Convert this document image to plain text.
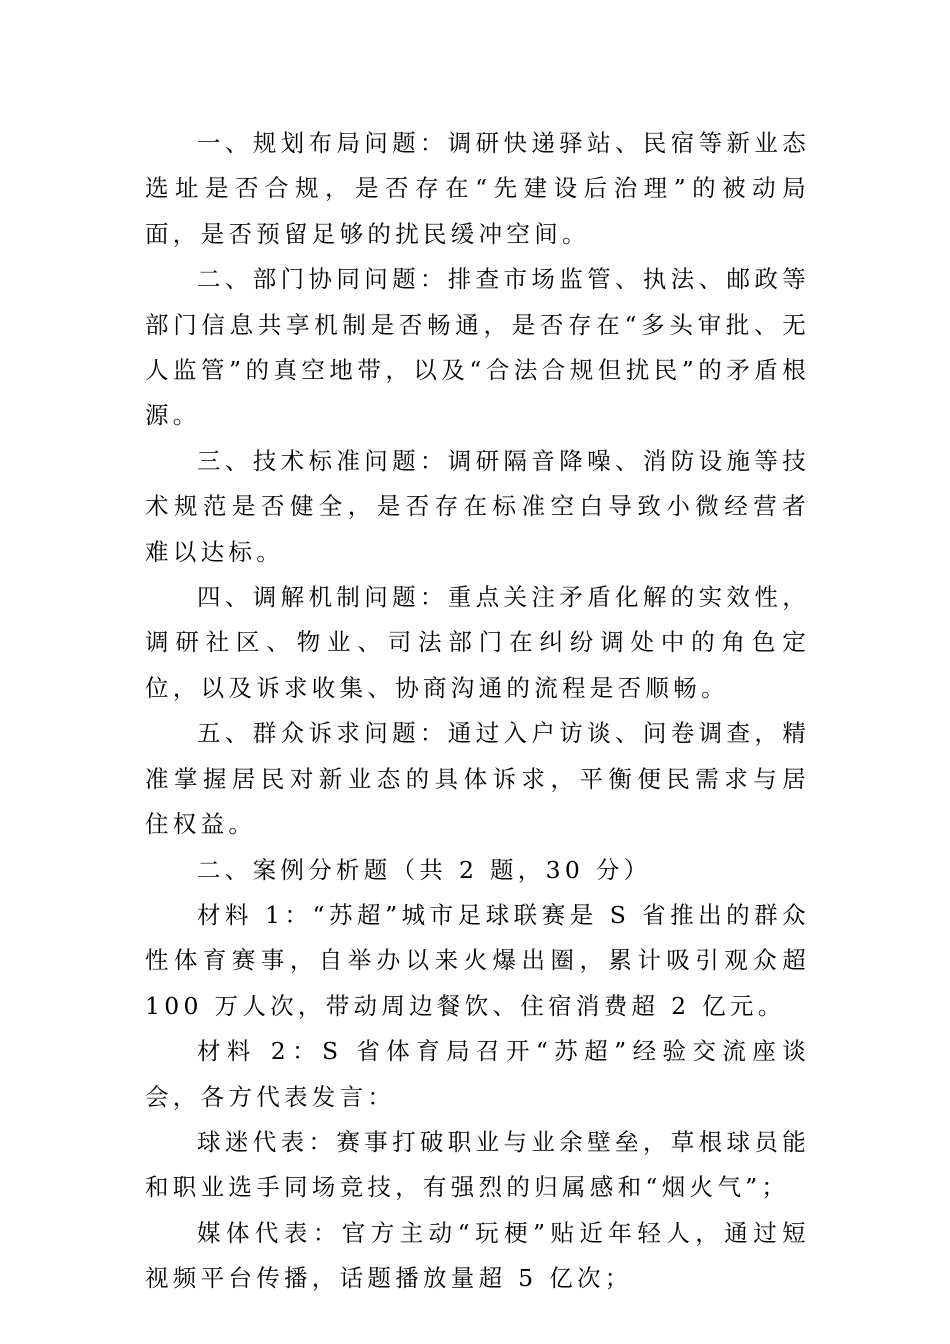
一、规划布局问题：调研快递驿站、民宿等新业态选址是否合规，是否存在“先建设后治理”的被动局面，是否预留足够的扰民缓冲空间。

二、部门协同问题：排查市场监管、执法、邮政等部门信息共享机制是否畅通，是否存在“多头审批、无人监管”的真空地带，以及“合法合规但扰民”的矛盾根源。

三、技术标准问题：调研隔音降噪、消防设施等技术规范是否健全，是否存在标准空白导致小微经营者难以达标。

四、调解机制问题：重点关注矛盾化解的实效性，调研社区、物业、司法部门在纠纷调处中的角色定位，以及诉求收集、协商沟通的流程是否顺畅。

五、群众诉求问题：通过入户访谈、问卷调查，精准掌握居民对新业态的具体诉求，平衡便民需求与居住权益。

二、案例分析题（共 2 题，30 分）

材料 1：“苏超”城市足球联赛是 S 省推出的群众性体育赛事，自举办以来火爆出圈，累计吸引观众超 100 万人次，带动周边餐饮、住宿消费超 2 亿元。

材料 2：S 省体育局召开“苏超”经验交流座谈会，各方代表发言：

球迷代表：赛事打破职业与业余壁垒，草根球员能和职业选手同场竞技，有强烈的归属感和“烟火气”；

媒体代表：官方主动“玩梗”贴近年轻人，通过短视频平台传播，话题播放量超 5 亿次；
